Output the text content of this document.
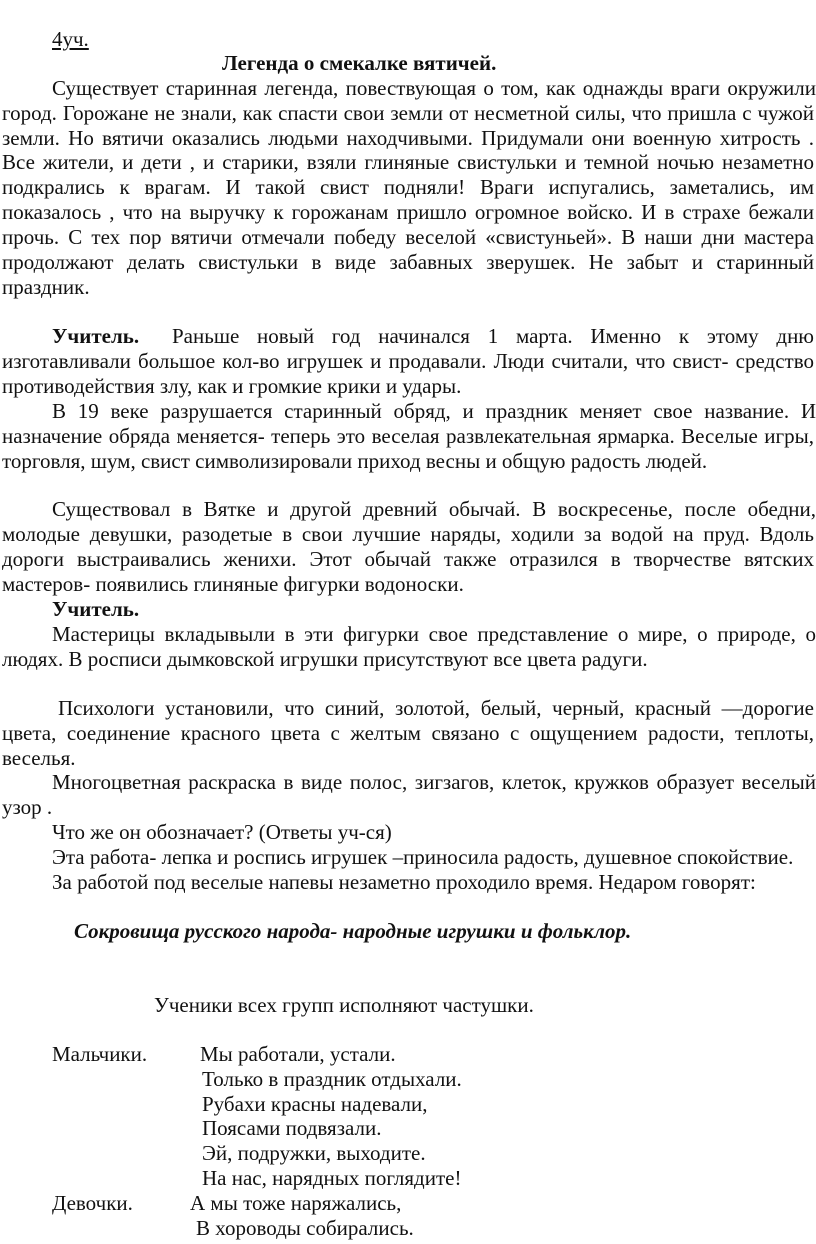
4уч.
Легенда о смекалке вятичей.
Существует старинная легенда, повествующая о том, как однажды враги окружили
город. Горожане не знали, как спасти свои земли от несметной силы, что пришла с чужой
земли. Но вятичи оказались людьми находчивыми. Придумали они военную хитрость .
Все жители, и дети , и старики, взяли глиняные свистульки и темной ночью незаметно
подкрались к врагам. И такой свист подняли! Враги испугались, заметались, им
показалось , что на выручку к горожанам пришло огромное войско. И в страхе бежали
прочь. С тех пор вятичи отмечали победу веселой «свистуньей». В наши дни мастера
продолжают делать свистульки в виде забавных зверушек. Не забыт и старинный
праздник.
Учитель. Раньше новый год начинался 1 марта. Именно к этому дню
изготавливали большое кол-во игрушек и продавали. Люди считали, что свист- средство
противодействия злу, как и громкие крики и удары.
В 19 веке разрушается старинный обряд, и праздник меняет свое название. И
назначение обряда меняется- теперь это веселая развлекательная ярмарка. Веселые игры,
торговля, шум, свист символизировали приход весны и общую радость людей.
Существовал в Вятке и другой древний обычай. В воскресенье, после обедни,
молодые девушки, разодетые в свои лучшие наряды, ходили за водой на пруд. Вдоль
дороги выстраивались женихи. Этот обычай также отразился в творчестве вятских
мастеров- появились глиняные фигурки водоноски.
Учитель.
Мастерицы вкладывыли в эти фигурки свое представление о мире, о природе, о
людях. В росписи дымковской игрушки присутствуют все цвета радуги.
Психологи установили, что синий, золотой, белый, черный, красный —дорогие
цвета, соединение красного цвета с желтым связано с ощущением радости, теплоты,
веселья.
Многоцветная раскраска в виде полос, зигзагов, клеток, кружков образует веселый
узор .
Что же он обозначает? (Ответы уч-ся)
Эта работа- лепка и роспись игрушек –приносила радость, душевное спокойствие.
За работой под веселые напевы незаметно проходило время. Недаром говорят:
Сокровища русского народа- народные игрушки и фольклор.
Ученики всех групп исполняют частушки.
Мальчики.	Мы работали, устали.
Только в праздник отдыхали.
Рубахи красны надевали,
Поясами подвязали.
Эй, подружки, выходите.
На нас, нарядных поглядите!
Девочки.	А мы тоже наряжались,
В хороводы собирались.
